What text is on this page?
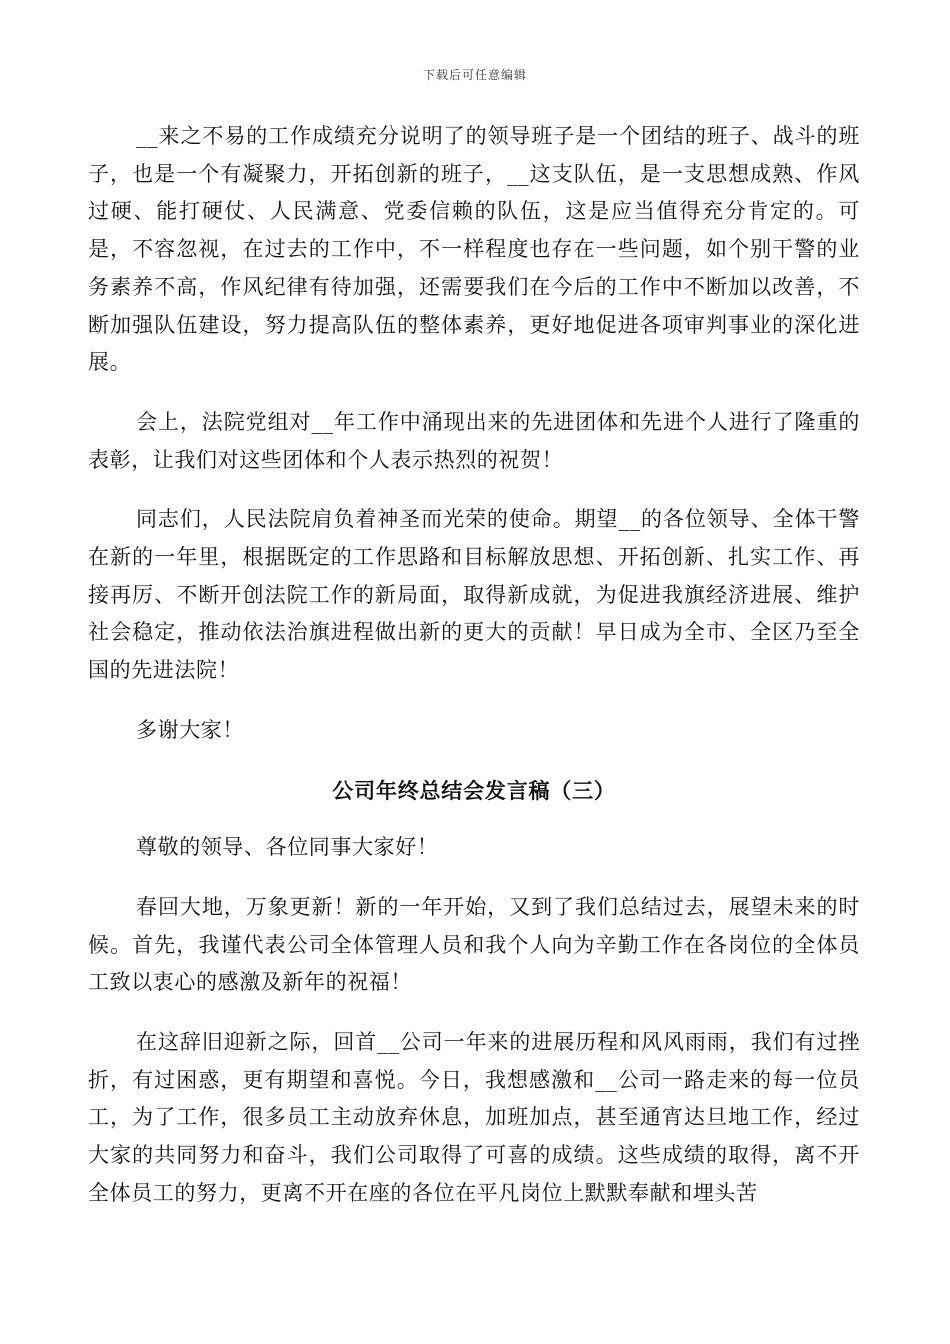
下载后可任意编辑

__来之不易的工作成绩充分说明了的领导班子是一个团结的班子、战斗的班子，也是一个有凝聚力，开拓创新的班子，__这支队伍，是一支思想成熟、作风过硬、能打硬仗、人民满意、党委信赖的队伍，这是应当值得充分肯定的。可是，不容忽视，在过去的工作中，不一样程度也存在一些问题，如个别干警的业务素养不高，作风纪律有待加强，还需要我们在今后的工作中不断加以改善，不断加强队伍建设，努力提高队伍的整体素养，更好地促进各项审判事业的深化进展。

会上，法院党组对__年工作中涌现出来的先进团体和先进个人进行了隆重的表彰，让我们对这些团体和个人表示热烈的祝贺！

同志们，人民法院肩负着神圣而光荣的使命。期望__的各位领导、全体干警在新的一年里，根据既定的工作思路和目标解放思想、开拓创新、扎实工作、再接再厉、不断开创法院工作的新局面，取得新成就，为促进我旗经济进展、维护社会稳定，推动依法治旗进程做出新的更大的贡献！早日成为全市、全区乃至全国的先进法院！

多谢大家！

公司年终总结会发言稿（三）

尊敬的领导、各位同事大家好！

春回大地，万象更新！新的一年开始，又到了我们总结过去，展望未来的时候。首先，我谨代表公司全体管理人员和我个人向为辛勤工作在各岗位的全体员工致以衷心的感激及新年的祝福！

在这辞旧迎新之际，回首__公司一年来的进展历程和风风雨雨，我们有过挫折，有过困惑，更有期望和喜悦。今日，我想感激和__公司一路走来的每一位员工，为了工作，很多员工主动放弃休息，加班加点，甚至通宵达旦地工作，经过大家的共同努力和奋斗，我们公司取得了可喜的成绩。这些成绩的取得，离不开全体员工的努力，更离不开在座的各位在平凡岗位上默默奉献和埋头苦
